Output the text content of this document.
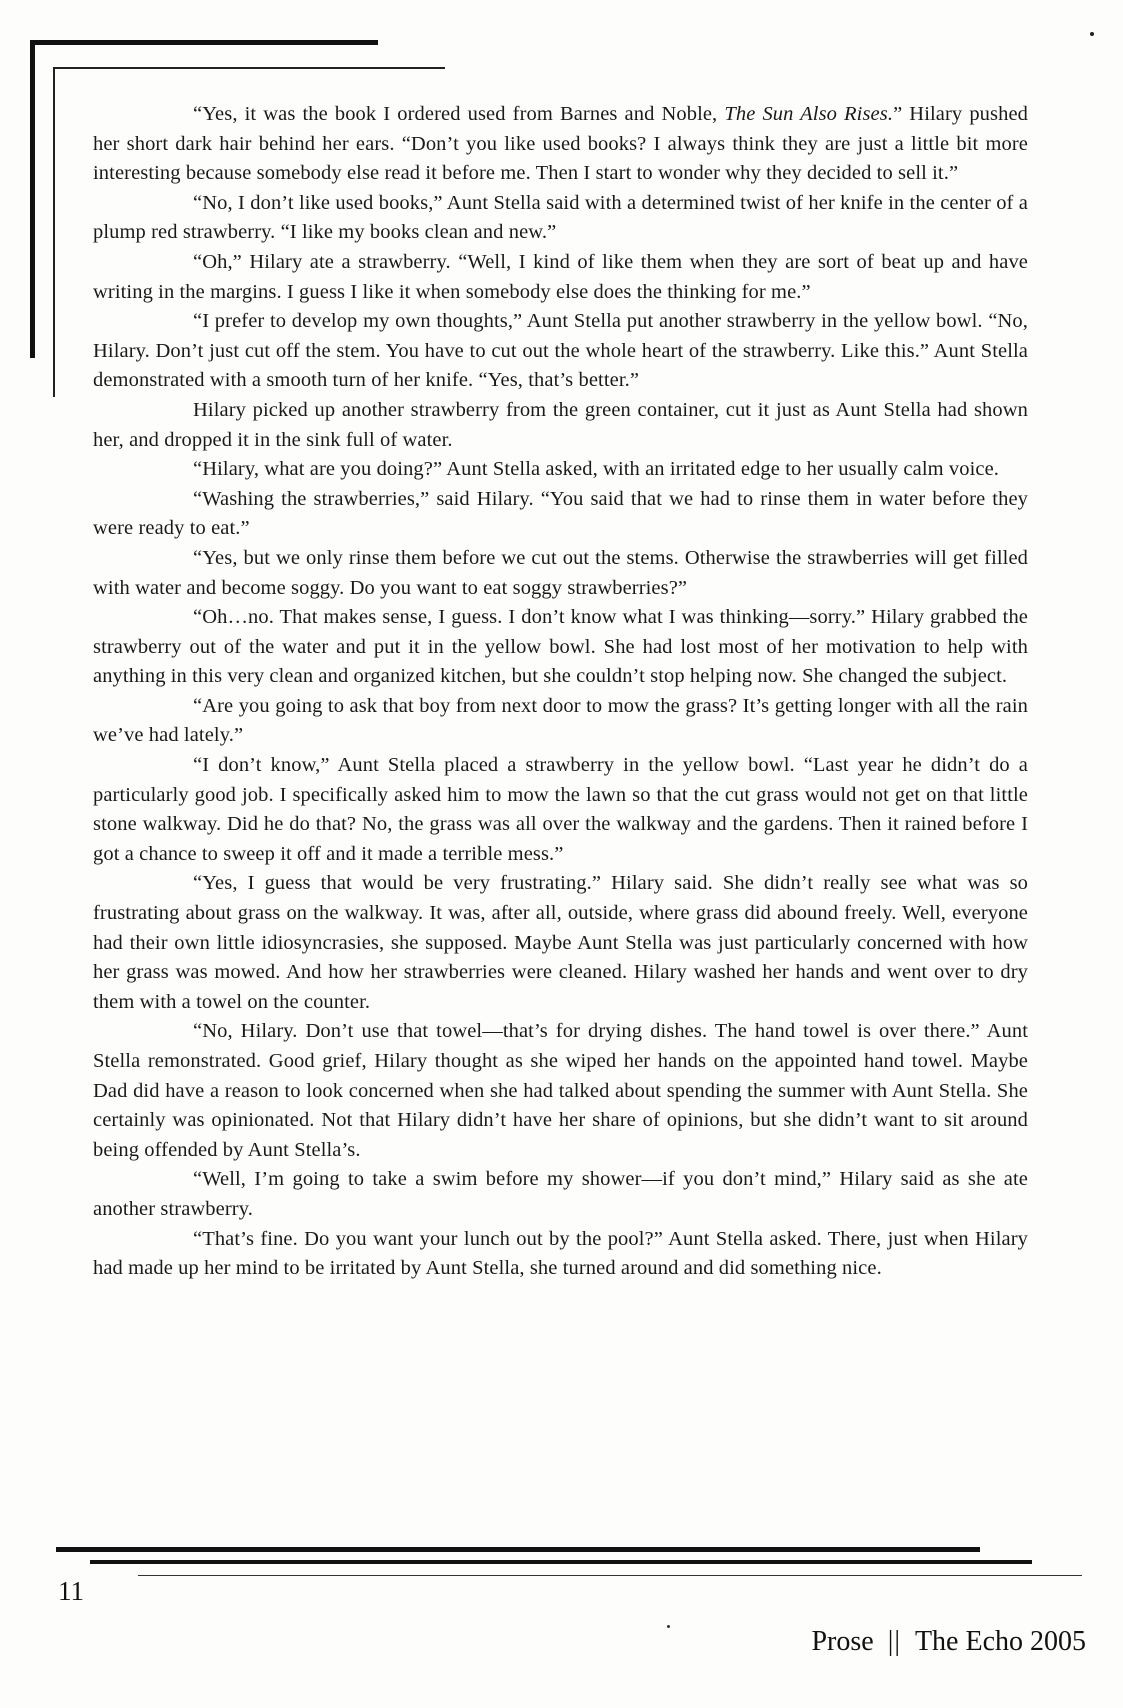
“Yes, it was the book I ordered used from Barnes and Noble, The Sun Also Rises.” Hilary pushed her short dark hair behind her ears. “Don’t you like used books? I always think they are just a little bit more interesting because somebody else read it before me. Then I start to wonder why they decided to sell it.”

“No, I don’t like used books,” Aunt Stella said with a determined twist of her knife in the center of a plump red strawberry. “I like my books clean and new.”

“Oh,” Hilary ate a strawberry. “Well, I kind of like them when they are sort of beat up and have writing in the margins. I guess I like it when somebody else does the thinking for me.”

“I prefer to develop my own thoughts,” Aunt Stella put another strawberry in the yellow bowl. “No, Hilary. Don’t just cut off the stem. You have to cut out the whole heart of the strawberry. Like this.” Aunt Stella demonstrated with a smooth turn of her knife. “Yes, that’s better.”

Hilary picked up another strawberry from the green container, cut it just as Aunt Stella had shown her, and dropped it in the sink full of water.

“Hilary, what are you doing?” Aunt Stella asked, with an irritated edge to her usually calm voice.

“Washing the strawberries,” said Hilary. “You said that we had to rinse them in water before they were ready to eat.”

“Yes, but we only rinse them before we cut out the stems. Otherwise the strawberries will get filled with water and become soggy. Do you want to eat soggy strawberries?”

“Oh…no. That makes sense, I guess. I don’t know what I was thinking—sorry.” Hilary grabbed the strawberry out of the water and put it in the yellow bowl. She had lost most of her motivation to help with anything in this very clean and organized kitchen, but she couldn’t stop helping now. She changed the subject.

“Are you going to ask that boy from next door to mow the grass? It’s getting longer with all the rain we’ve had lately.”

“I don’t know,” Aunt Stella placed a strawberry in the yellow bowl. “Last year he didn’t do a particularly good job. I specifically asked him to mow the lawn so that the cut grass would not get on that little stone walkway. Did he do that? No, the grass was all over the walkway and the gardens. Then it rained before I got a chance to sweep it off and it made a terrible mess.”

“Yes, I guess that would be very frustrating.” Hilary said. She didn’t really see what was so frustrating about grass on the walkway. It was, after all, outside, where grass did abound freely. Well, everyone had their own little idiosyncrasies, she supposed. Maybe Aunt Stella was just particularly concerned with how her grass was mowed. And how her strawberries were cleaned. Hilary washed her hands and went over to dry them with a towel on the counter.

“No, Hilary. Don’t use that towel—that’s for drying dishes. The hand towel is over there.” Aunt Stella remonstrated. Good grief, Hilary thought as she wiped her hands on the appointed hand towel. Maybe Dad did have a reason to look concerned when she had talked about spending the summer with Aunt Stella. She certainly was opinionated. Not that Hilary didn’t have her share of opinions, but she didn’t want to sit around being offended by Aunt Stella’s.

“Well, I’m going to take a swim before my shower—if you don’t mind,” Hilary said as she ate another strawberry.

“That’s fine. Do you want your lunch out by the pool?” Aunt Stella asked. There, just when Hilary had made up her mind to be irritated by Aunt Stella, she turned around and did something nice.

11
Prose || The Echo 2005
